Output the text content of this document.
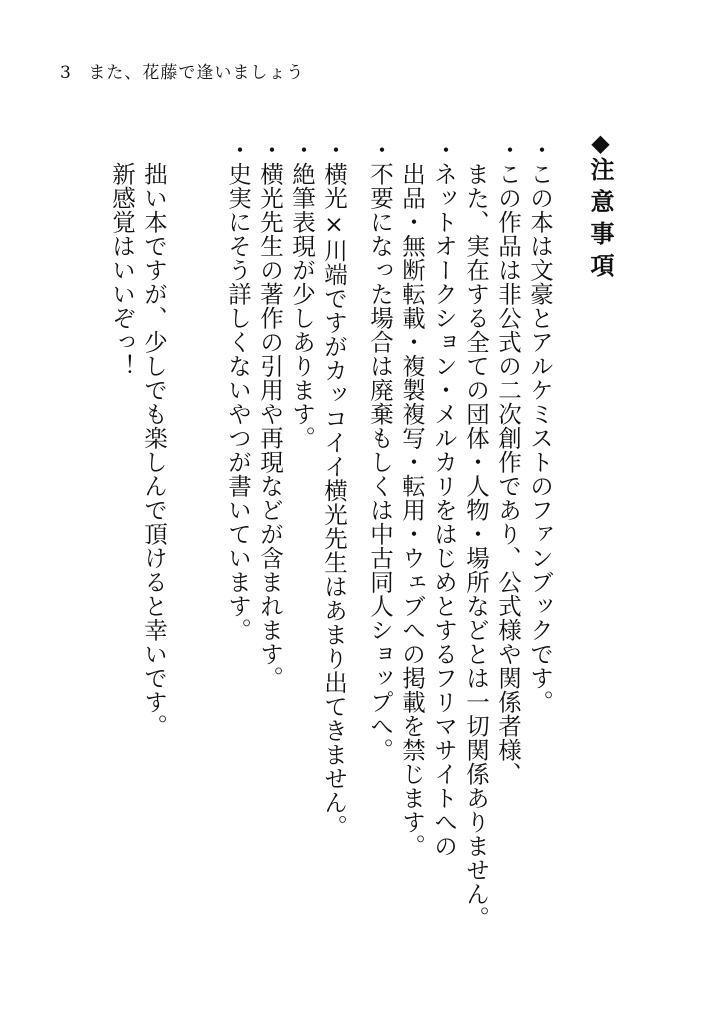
3 また、花藤で逢いましょう
◆注意事項
・この本は文豪とアルケミストのファンブックです。
・この作品は非公式の二次創作であり、公式様や関係者様、
　また、実在する全ての団体・人物・場所などとは一切関係ありません。
・ネットオークション・メルカリをはじめとするフリマサイトへの
　出品・無断転載・複製複写・転用・ウェブへの掲載を禁じます。
・不要になった場合は廃棄もしくは中古同人ショップへ。
・横光×川端ですがカッコイイ横光先生はあまり出てきません。
・絶筆表現が少しあります。
・横光先生の著作の引用や再現などが含まれます。
・史実にそう詳しくないやつが書いています。
　拙い本ですが、少しでも楽しんで頂けると幸いです。
　新感覚はいいぞっ！
